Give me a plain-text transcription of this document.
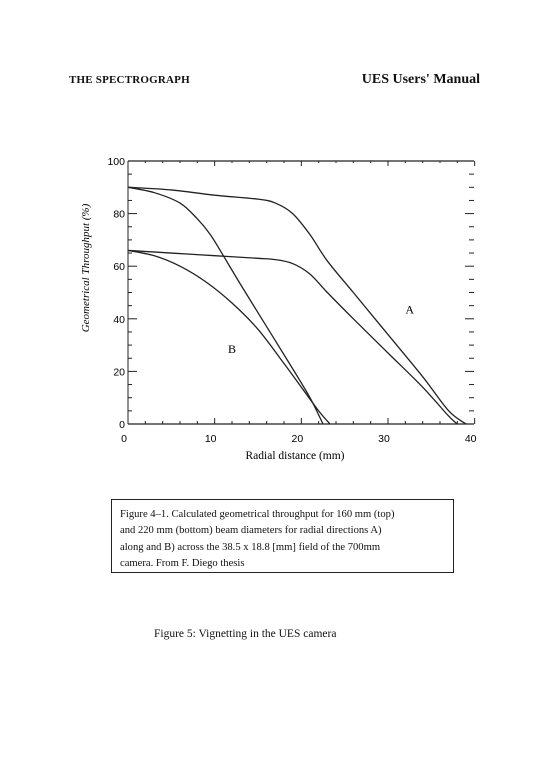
THE SPECTROGRAPH	UES Users' Manual
0
20
40
60
80
100
0	10	20	30	40
A
B
Radial distance (mm)
Geometrical Throughput (%)
Figure 4–1. Calculated geometrical throughput for 160 mm (top)
and 220 mm (bottom) beam diameters for radial directions A)
along and B) across the 38.5 x 18.8 [mm] field of the 700mm
camera. From F. Diego thesis
Figure 5: Vignetting in the UES camera
